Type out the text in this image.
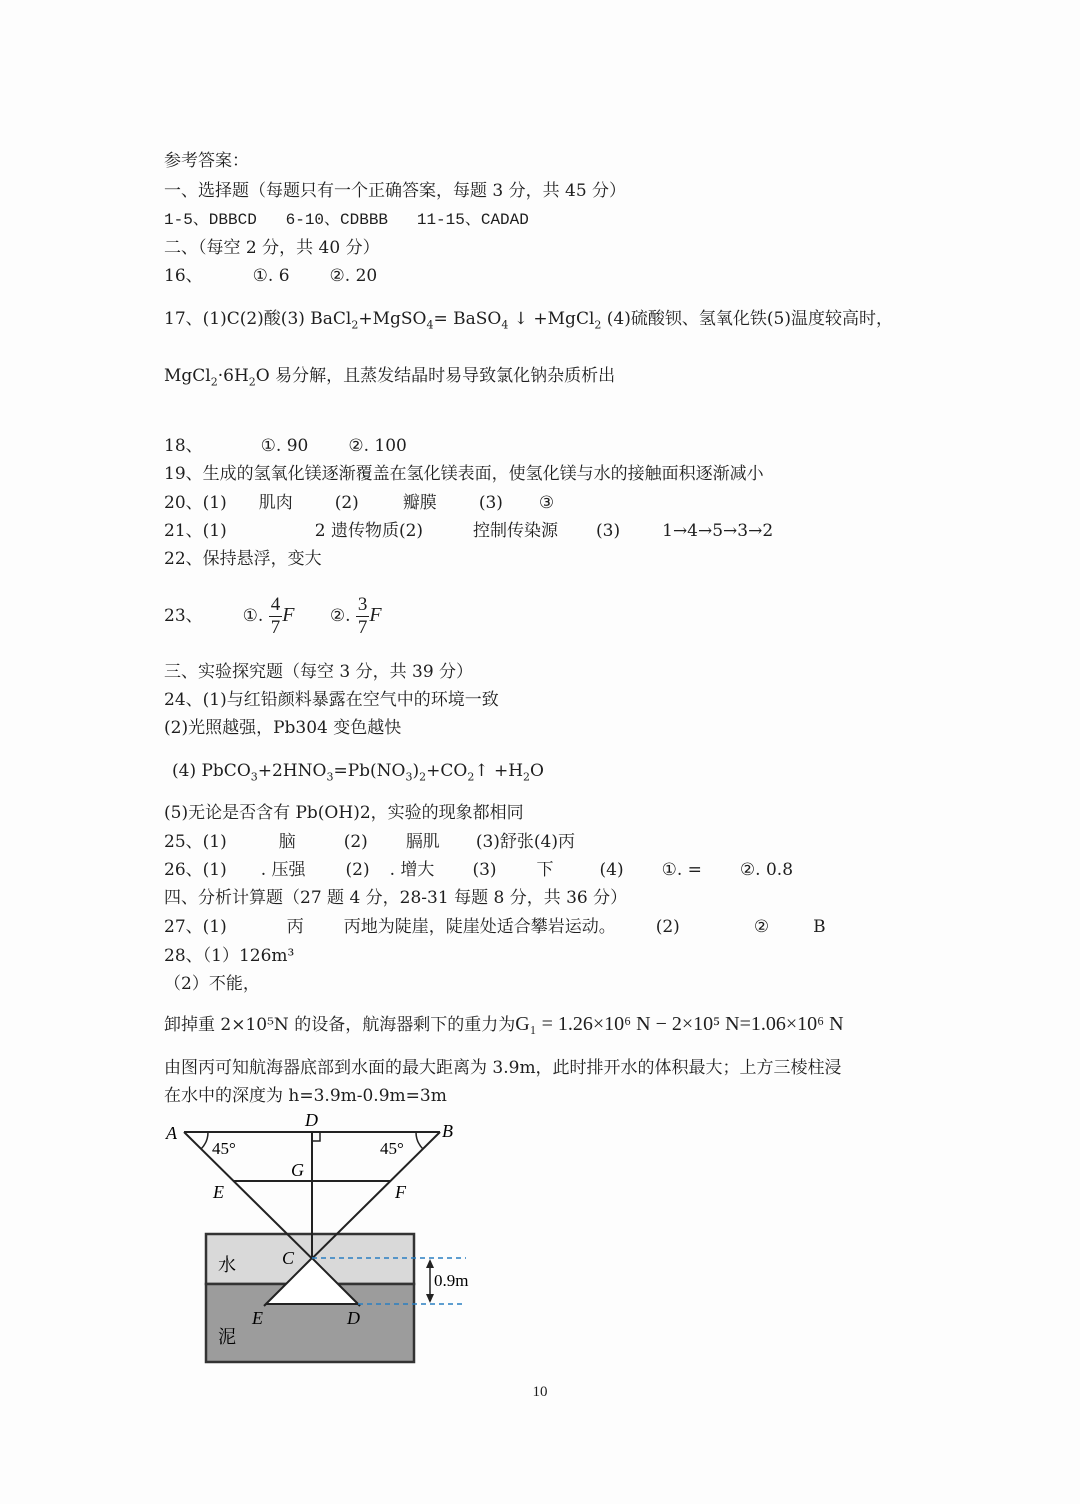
参考答案：
一、选择题（每题只有一个正确答案，每题 3 分，共 45 分）
1-5、DBBCD   6-10、CDBBB   11-15、CADAD
二、（每空 2 分，共 40 分）
16、	①. 6 ②. 20
17、(1)C(2)酸(3) BaCl$_2$+MgSO$_4$= BaSO$_4$ ↓ +MgCl$_2$ (4)硫酸钡、氢氧化铁(5)温度较高时，
$MgCl_2\cdot 6H_2O$ 易分解，且蒸发结晶时易导致氯化钠杂质析出
18、	①. 90 ②. 100
19、生成的氢氧化镁逐渐覆盖在氢化镁表面，使氢化镁与水的接触面积逐渐减小
20、(1) 肌肉 (2)	瓣膜 (3) ③
21、(1)	2 遗传物质(2)	控制传染源 (3) 1→4→5→3→2
22、保持悬浮，变大
23、 ①. $\frac{4}{7}$ F ②. $\frac{3}{7}$ F
三、实验探究题（每空 3 分，共 39 分）
24、(1)与红铅颜料暴露在空气中的环境一致
(2)光照越强，Pb304 变色越快
(4) $PbCO_3+2HNO_3=Pb(NO_3)_2+CO_2↑ +H_2O$
(5)无论是否含有 Pb(OH)2，实验的现象都相同
25、(1)	脑	(2) 膈肌 (3)舒张(4)丙
26、(1) . 压强 (2) . 增大 (3) 下	(4) ①. = ②. 0.8
四、分析计算题（27 题 4 分，28-31 每题 8 分，共 36 分）
27、(1)	丙 丙地为陡崖，陡崖处适合攀岩运动。 (2)	②	B
28、（1）126m³
（2）不能，
卸掉重 2×10⁵N 的设备，航海器剩下的重力为G₁ = 1.26×10⁶ N − 2×10⁵ N=1.06×10⁶ N
由图丙可知航海器底部到水面的最大距离为 3.9m，此时排开水的体积最大；上方三棱柱浸
在水中的深度为 h=3.9m-0.9m=3m
A	B
D
G
E	F
C
E	D
45°	45°
水
泥
0.9m
10
